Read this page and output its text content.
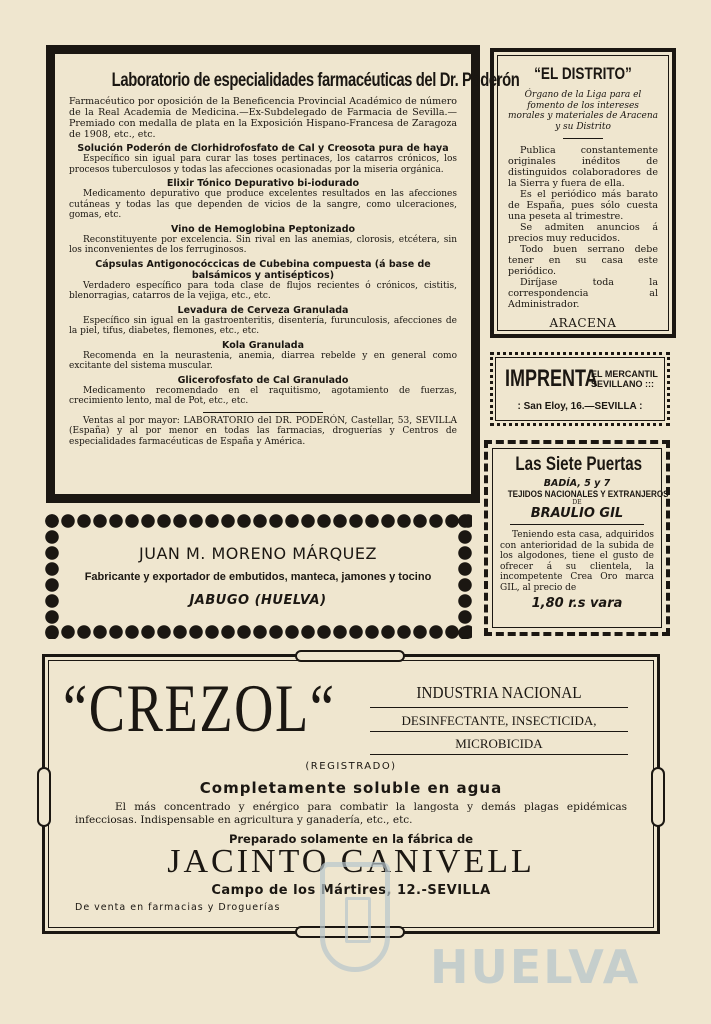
Laboratorio de especialidades farmacéuticas del Dr. Poderón
Farmacéutico por oposición de la Beneficencia Provincial Académico de número de la Real Academia de Medicina.—Ex-Subdelegado de Farmacia de Sevilla.—Premiado con medalla de plata en la Exposición Hispano-Francesa de Zaragoza de 1908, etc., etc.
Solución Poderón de Clorhidrofosfato de Cal y Creosota pura de haya
Específico sin igual para curar las toses pertinaces, los catarros crónicos, los procesos tuberculosos y todas las afecciones ocasionadas por la miseria orgánica.
Elixir Tónico Depurativo bi-iodurado
Medicamento depurativo que produce excelentes resultados en las afecciones cutáneas y todas las que dependen de vicios de la sangre, como ulceraciones, gomas, etc.
Vino de Hemoglobina Peptonizado
Reconstituyente por excelencia. Sin rival en las anemias, clorosis, etcétera, sin los inconvenientes de los ferruginosos.
Cápsulas Antigonocóccicas de Cubebina compuesta (á base de balsámicos y antisépticos)
Verdadero específico para toda clase de flujos recientes ó crónicos, cistitis, blenorragias, catarros de la vejiga, etc., etc.
Levadura de Cerveza Granulada
Específico sin igual en la gastroenteritis, disentería, furunculosis, afecciones de la piel, tifus, diabetes, flemones, etc., etc.
Kola Granulada
Recomenda en la neurastenia, anemia, diarrea rebelde y en general como excitante del sistema muscular.
Glicerofosfato de Cal Granulado
Medicamento recomendado en el raquitismo, agotamiento de fuerzas, crecimiento lento, mal de Pot, etc., etc.
Ventas al por mayor: LABORATORIO del DR. PODERÓN, Castellar, 53, SEVILLA (España) y al por menor en todas las farmacias, droguerías y Centros de especialidades farmacéuticas de España y América.
“EL DISTRITO”
Órgano de la Liga para el fomento de los intereses morales y materiales de Aracena y su Distrito
Publica constantemente originales inéditos de distinguidos colaboradores de la Sierra y fuera de ella.
Es el periódico más barato de España, pues sólo cuesta una peseta al trimestre.
Se admiten anuncios á precios muy reducidos.
Todo buen serrano debe tener en su casa este periódico.
Diríjase toda la correspondencia al Administrador.
ARACENA
IMPRENTA
EL MERCANTIL
SEVILLANO :::
: San Eloy, 16.—SEVILLA :
JUAN M. MORENO MÁRQUEZ
Fabricante y exportador de embutidos, manteca, jamones y tocino
JABUGO (HUELVA)
Las Siete Puertas
BADÍA, 5 y 7
TEJIDOS NACIONALES Y EXTRANJEROS
DE
BRAULIO GIL
Teniendo esta casa, adquiridos con anterioridad de la subida de los algodones, tiene el gusto de ofrecer á su clientela, la incompetente Crea Oro marca GIL, al precio de
1,80 r.s vara
“CREZOL“	INDUSTRIA NACIONAL
DESINFECTANTE, INSECTICIDA,
MICROBICIDA
(REGISTRADO)
Completamente soluble en agua
El más concentrado y enérgico para combatir la langosta y demás plagas epidémicas infecciosas. Indispensable en agricultura y ganadería, etc., etc.
Preparado solamente en la fábrica de
JACINTO CANIVELL
Campo de los Mártires, 12.-SEVILLA
De venta en farmacias y Droguerías
HUELVA
